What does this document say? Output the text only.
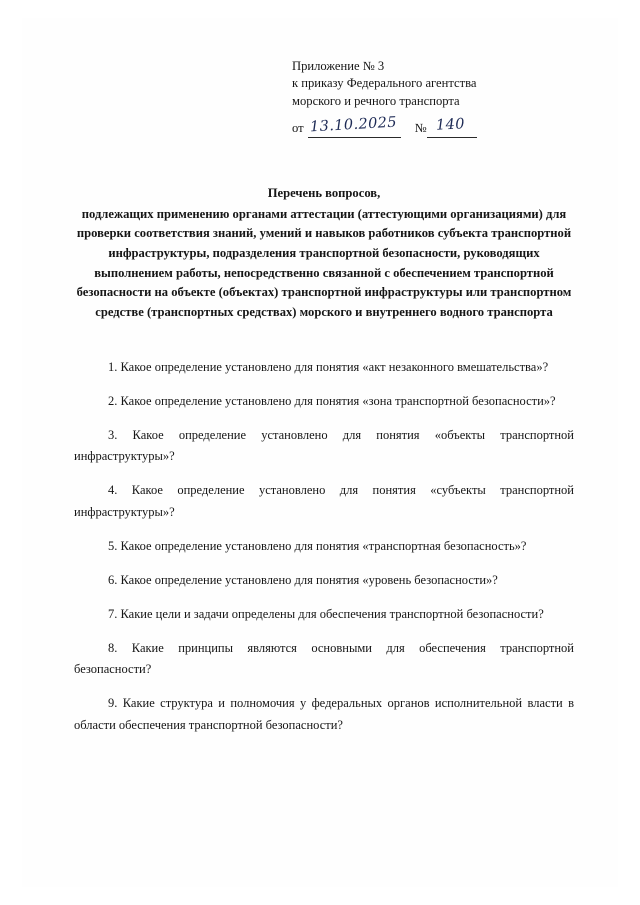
Приложение № 3
к приказу Федерального агентства
морского и речного транспорта
от 13.10.2025 № 140
Перечень вопросов,
подлежащих применению органами аттестации (аттестующими организациями) для проверки соответствия знаний, умений и навыков работников субъекта транспортной инфраструктуры, подразделения транспортной безопасности, руководящих выполнением работы, непосредственно связанной с обеспечением транспортной безопасности на объекте (объектах) транспортной инфраструктуры или транспортном средстве (транспортных средствах) морского и внутреннего водного транспорта

1. Какое определение установлено для понятия «акт незаконного вмешательства»?

2. Какое определение установлено для понятия «зона транспортной безопасности»?

3. Какое определение установлено для понятия «объекты транспортной инфраструктуры»?

4. Какое определение установлено для понятия «субъекты транспортной инфраструктуры»?

5. Какое определение установлено для понятия «транспортная безопасность»?

6. Какое определение установлено для понятия «уровень безопасности»?

7. Какие цели и задачи определены для обеспечения транспортной безопасности?

8. Какие принципы являются основными для обеспечения транспортной безопасности?

9. Какие структура и полномочия у федеральных органов исполнительной власти в области обеспечения транспортной безопасности?
